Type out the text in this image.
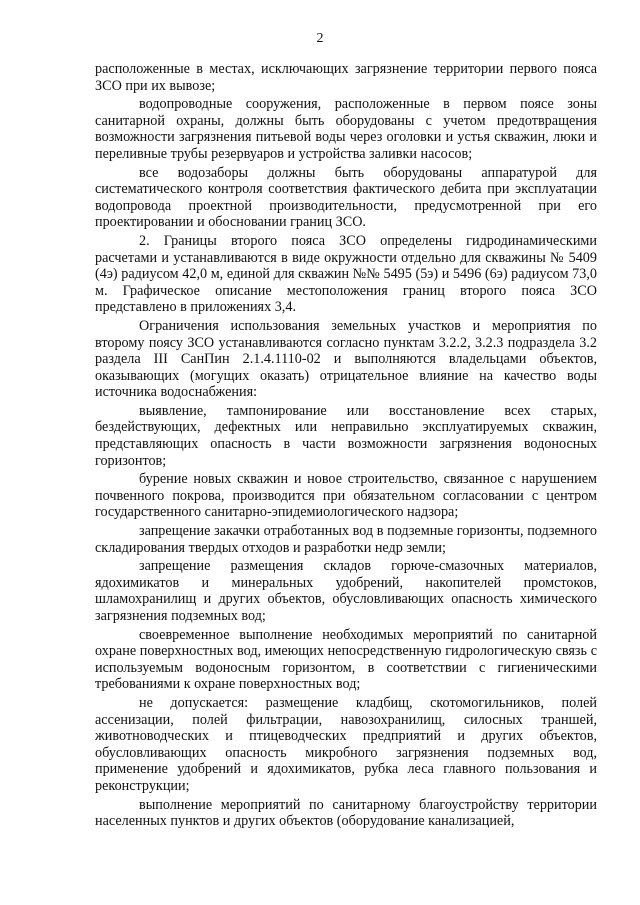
2

расположенные в местах, исключающих загрязнение территории первого пояса ЗСО при их вывозе;

водопроводные сооружения, расположенные в первом поясе зоны санитарной охраны, должны быть оборудованы с учетом предотвращения возможности загрязнения питьевой воды через оголовки и устья скважин, люки и переливные трубы резервуаров и устройства заливки насосов;

все водозаборы должны быть оборудованы аппаратурой для систематического контроля соответствия фактического дебита при эксплуатации водопровода проектной производительности, предусмотренной при его проектировании и обосновании границ ЗСО.

2. Границы второго пояса ЗСО определены гидродинамическими расчетами и устанавливаются в виде окружности отдельно для скважины № 5409 (4э) радиусом 42,0 м, единой для скважин №№ 5495 (5э) и 5496 (6э) радиусом 73,0 м. Графическое описание местоположения границ второго пояса ЗСО представлено в приложениях 3,4.

Ограничения использования земельных участков и мероприятия по второму поясу ЗСО устанавливаются согласно пунктам 3.2.2, 3.2.3 подраздела 3.2 раздела III СанПин 2.1.4.1110-02 и выполняются владельцами объектов, оказывающих (могущих оказать) отрицательное влияние на качество воды источника водоснабжения:

выявление, тампонирование или восстановление всех старых, бездействующих, дефектных или неправильно эксплуатируемых скважин, представляющих опасность в части возможности загрязнения водоносных горизонтов;

бурение новых скважин и новое строительство, связанное с нарушением почвенного покрова, производится при обязательном согласовании с центром государственного санитарно-эпидемиологического надзора;

запрещение закачки отработанных вод в подземные горизонты, подземного складирования твердых отходов и разработки недр земли;

запрещение размещения складов горюче-смазочных материалов, ядохимикатов и минеральных удобрений, накопителей промстоков, шламохранилищ и других объектов, обусловливающих опасность химического загрязнения подземных вод;

своевременное выполнение необходимых мероприятий по санитарной охране поверхностных вод, имеющих непосредственную гидрологическую связь с используемым водоносным горизонтом, в соответствии с гигиеническими требованиями к охране поверхностных вод;

не допускается: размещение кладбищ, скотомогильников, полей ассенизации, полей фильтрации, навозохранилищ, силосных траншей, животноводческих и птицеводческих предприятий и других объектов, обусловливающих опасность микробного загрязнения подземных вод, применение удобрений и ядохимикатов, рубка леса главного пользования и реконструкции;

выполнение мероприятий по санитарному благоустройству территории населенных пунктов и других объектов (оборудование канализацией,
